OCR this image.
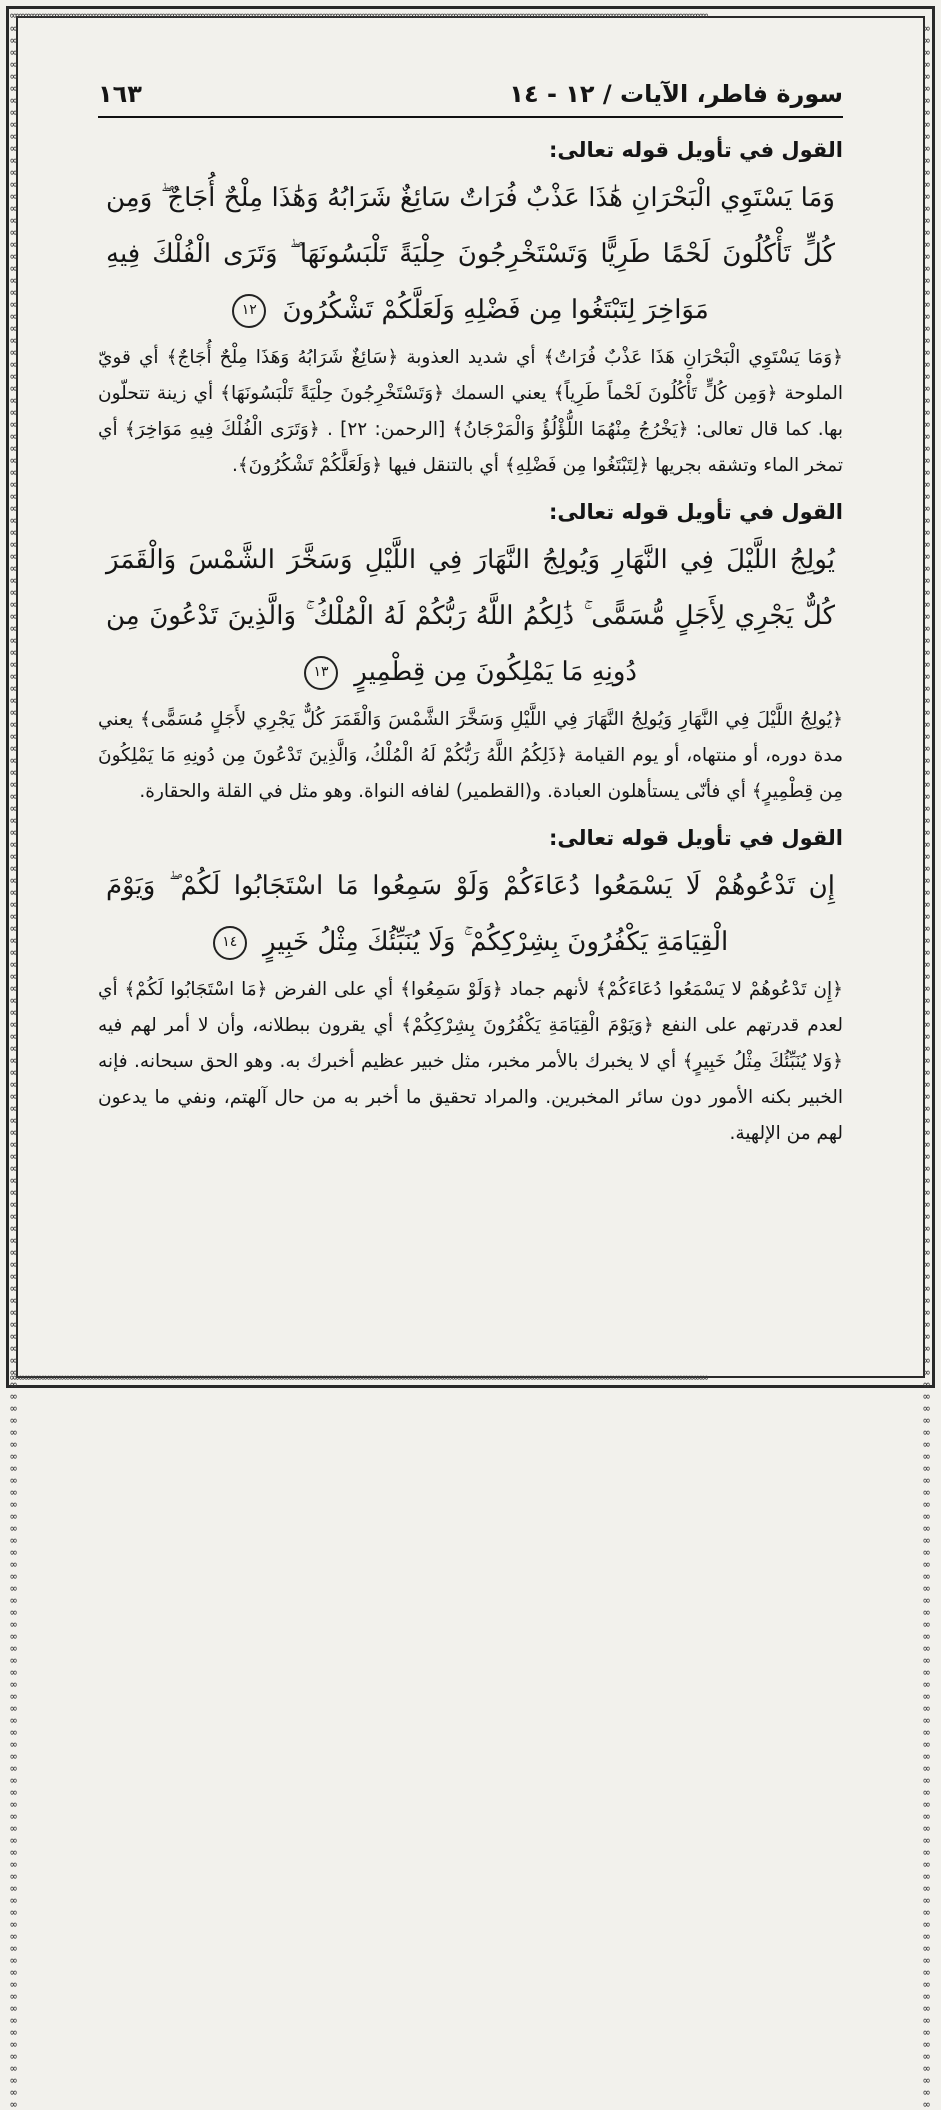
∞∞∞∞∞∞∞∞∞∞∞∞∞∞∞∞∞∞∞∞∞∞∞∞∞∞∞∞∞∞∞∞∞∞∞∞∞∞∞∞∞∞∞∞∞∞∞∞∞∞∞∞∞∞∞∞∞∞∞∞∞∞∞∞∞∞∞∞∞∞∞∞∞∞∞∞∞∞∞∞∞∞∞∞∞∞∞∞∞∞∞∞∞∞∞∞∞∞∞∞∞∞∞∞∞∞∞∞∞∞∞∞∞∞∞∞∞∞∞∞∞∞∞∞
∞∞∞∞∞∞∞∞∞∞∞∞∞∞∞∞∞∞∞∞∞∞∞∞∞∞∞∞∞∞∞∞∞∞∞∞∞∞∞∞∞∞∞∞∞∞∞∞∞∞∞∞∞∞∞∞∞∞∞∞∞∞∞∞∞∞∞∞∞∞∞∞∞∞∞∞∞∞∞∞∞∞∞∞∞∞∞∞∞∞∞∞∞∞∞∞∞∞∞∞∞∞∞∞∞∞∞∞∞∞∞∞∞∞∞∞∞∞∞∞∞∞∞∞
∞∞∞∞∞∞∞∞∞∞∞∞∞∞∞∞∞∞∞∞∞∞∞∞∞∞∞∞∞∞∞∞∞∞∞∞∞∞∞∞∞∞∞∞∞∞∞∞∞∞∞∞∞∞∞∞∞∞∞∞∞∞∞∞∞∞∞∞∞∞∞∞∞∞∞∞∞∞∞∞∞∞∞∞∞∞∞∞∞∞∞∞∞∞∞∞∞∞∞∞∞∞∞∞∞∞∞∞∞∞∞∞∞∞∞∞∞∞∞∞∞∞∞∞∞∞∞∞∞∞∞∞∞∞∞∞∞∞∞∞∞∞∞∞∞∞∞∞∞∞∞∞∞∞∞∞∞∞∞∞∞∞∞∞∞∞∞∞∞∞∞∞∞∞	∞∞∞∞∞∞∞∞∞∞∞∞∞∞∞∞∞∞∞∞∞∞∞∞∞∞∞∞∞∞∞∞∞∞∞∞∞∞∞∞∞∞∞∞∞∞∞∞∞∞∞∞∞∞∞∞∞∞∞∞∞∞∞∞∞∞∞∞∞∞∞∞∞∞∞∞∞∞∞∞∞∞∞∞∞∞∞∞∞∞∞∞∞∞∞∞∞∞∞∞∞∞∞∞∞∞∞∞∞∞∞∞∞∞∞∞∞∞∞∞∞∞∞∞∞∞∞∞∞∞∞∞∞∞∞∞∞∞∞∞∞∞∞∞∞∞∞∞∞∞∞∞∞∞∞∞∞∞∞∞∞∞∞∞∞∞∞∞∞∞∞∞∞∞
سورة فاطر، الآيات / ١٢ - ١٤
١٦٣
القول في تأويل قوله تعالى:
وَمَا يَسْتَوِي الْبَحْرَانِ هَٰذَا عَذْبٌ فُرَاتٌ سَائِغٌ شَرَابُهُ وَهَٰذَا مِلْحٌ أُجَاجٌ ۖ وَمِن كُلٍّ تَأْكُلُونَ لَحْمًا طَرِيًّا وَتَسْتَخْرِجُونَ حِلْيَةً تَلْبَسُونَهَا ۖ وَتَرَى الْفُلْكَ فِيهِ مَوَاخِرَ لِتَبْتَغُوا مِن فَضْلِهِ وَلَعَلَّكُمْ تَشْكُرُونَ ١٢

﴿وَمَا يَسْتَوِي الْبَحْرَانِ هَذَا عَذْبٌ فُرَاتٌ﴾ أي شديد العذوبة ﴿سَائِغٌ شَرَابُهُ وَهَذَا مِلْحٌ أُجَاجٌ﴾ أي قويّ الملوحة ﴿وَمِن كُلٍّ تَأْكُلُونَ لَحْماً طَرِياً﴾ يعني السمك ﴿وَتَسْتَخْرِجُونَ حِلْيَةً تَلْبَسُونَهَا﴾ أي زينة تتحلّون بها. كما قال تعالى: ﴿يَخْرُجُ مِنْهُمَا اللُّؤْلُؤُ وَالْمَرْجَانُ﴾ [الرحمن: ٢٢] . ﴿وَتَرَى الْفُلْكَ فِيهِ مَوَاخِرَ﴾ أي تمخر الماء وتشقه بجريها ﴿لِتَبْتَغُوا مِن فَضْلِهِ﴾ أي بالتنقل فيها ﴿وَلَعَلَّكُمْ تَشْكُرُونَ﴾.

القول في تأويل قوله تعالى:
يُولِجُ اللَّيْلَ فِي النَّهَارِ وَيُولِجُ النَّهَارَ فِي اللَّيْلِ وَسَخَّرَ الشَّمْسَ وَالْقَمَرَ كُلٌّ يَجْرِي لِأَجَلٍ مُّسَمًّى ۚ ذَٰلِكُمُ اللَّهُ رَبُّكُمْ لَهُ الْمُلْكُ ۚ وَالَّذِينَ تَدْعُونَ مِن دُونِهِ مَا يَمْلِكُونَ مِن قِطْمِيرٍ ١٣

﴿يُولِجُ اللَّيْلَ فِي النَّهَارِ وَيُولِجُ النَّهَارَ فِي اللَّيْلِ وَسَخَّرَ الشَّمْسَ وَالْقَمَرَ كُلٌّ يَجْرِي لأَجَلٍ مُسَمًّى﴾ يعني مدة دوره، أو منتهاه، أو يوم القيامة ﴿ذَلِكُمُ اللَّهُ رَبُّكُمْ لَهُ الْمُلْكُ، وَالَّذِينَ تَدْعُونَ مِن دُونِهِ مَا يَمْلِكُونَ مِن قِطْمِيرٍ﴾ أي فأنّى يستأهلون العبادة. و(القطمير) لفافه النواة. وهو مثل في القلة والحقارة.

القول في تأويل قوله تعالى:
إِن تَدْعُوهُمْ لَا يَسْمَعُوا دُعَاءَكُمْ وَلَوْ سَمِعُوا مَا اسْتَجَابُوا لَكُمْ ۖ وَيَوْمَ الْقِيَامَةِ يَكْفُرُونَ بِشِرْكِكُمْ ۚ وَلَا يُنَبِّئُكَ مِثْلُ خَبِيرٍ ١٤

﴿إِن تَدْعُوهُمْ لا يَسْمَعُوا دُعَاءَكُمْ﴾ لأنهم جماد ﴿وَلَوْ سَمِعُوا﴾ أي على الفرض ﴿مَا اسْتَجَابُوا لَكُمْ﴾ أي لعدم قدرتهم على النفع ﴿وَيَوْمَ الْقِيَامَةِ يَكْفُرُونَ بِشِرْكِكُمْ﴾ أي يقرون ببطلانه، وأن لا أمر لهم فيه ﴿وَلا يُنَبِّئُكَ مِثْلُ خَبِيرٍ﴾ أي لا يخبرك بالأمر مخبر، مثل خبير عظيم أخبرك به. وهو الحق سبحانه. فإنه الخبير بكنه الأمور دون سائر المخبرين. والمراد تحقيق ما أخبر به من حال آلهتم، ونفي ما يدعون لهم من الإلهية.
